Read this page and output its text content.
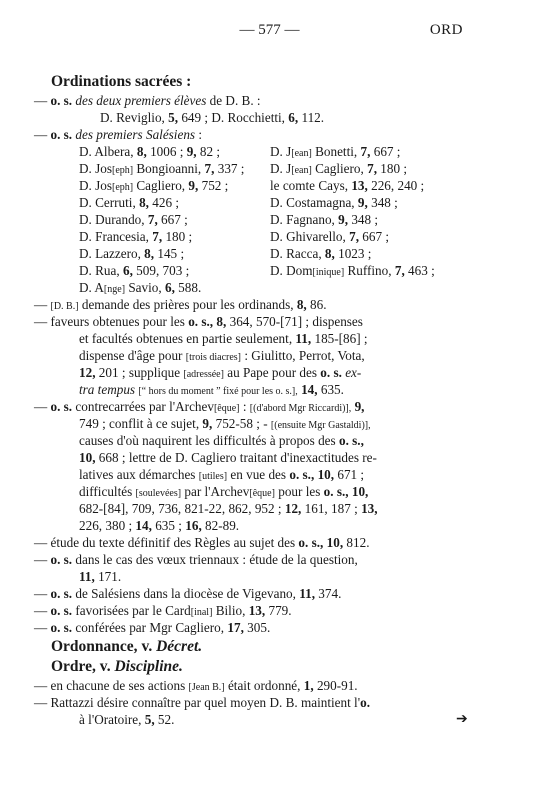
— 577 —	ORD
Ordinations sacrées :
— o. s. des deux premiers élèves de D. B. :
D. Reviglio, 5, 649 ; D. Rocchietti, 6, 112.
— o. s. des premiers Salésiens :
D. Albera, 8, 1006 ; 9, 82 ;	D. J[ean] Bonetti, 7, 667 ;
D. Jos[eph] Bongioanni, 7, 337 ; D. J[ean] Cagliero, 7, 180 ;
D. Jos[eph] Cagliero, 9, 752 ;	le comte Cays, 13, 226, 240 ;
D. Cerruti, 8, 426 ;	D. Costamagna, 9, 348 ;
D. Durando, 7, 667 ;	D. Fagnano, 9, 348 ;
D. Francesia, 7, 180 ;	D. Ghivarello, 7, 667 ;
D. Lazzero, 8, 145 ;	D. Racca, 8, 1023 ;
D. Rua, 6, 509, 703 ;	D. Dom[inique] Ruffino, 7, 463 ;
D. A[nge] Savio, 6, 588.
— [D. B.] demande des prières pour les ordinands, 8, 86.
— faveurs obtenues pour les o. s., 8, 364, 570-[71] ; dispenses
et facultés obtenues en partie seulement, 11, 185-[86] ;
dispense d'âge pour [trois diacres] : Giulitto, Perrot, Vota,
12, 201 ; supplique [adressée] au Pape pour des o. s. ex-
tra tempus [“ hors du moment ” fixé pour les o. s.], 14, 635.
— o. s. contrecarrées par l'Archev[êque] : [(d'abord Mgr Riccardi)], 9,
749 ; conflit à ce sujet, 9, 752-58 ; - [(ensuite Mgr Gastaldi)],
causes d'où naquirent les difficultés à propos des o. s.,
10, 668 ; lettre de D. Cagliero traitant d'inexactitudes re-
latives aux démarches [utiles] en vue des o. s., 10, 671 ;
difficultés [soulevées] par l'Archev[êque] pour les o. s., 10,
682-[84], 709, 736, 821-22, 862, 952 ; 12, 161, 187 ; 13,
226, 380 ; 14, 635 ; 16, 82-89.
— étude du texte définitif des Règles au sujet des o. s., 10, 812.
— o. s. dans le cas des vœux triennaux : étude de la question,
11, 171.
— o. s. de Salésiens dans la diocèse de Vigevano, 11, 374.
— o. s. favorisées par le Card[inal] Bilio, 13, 779.
— o. s. conférées par Mgr Cagliero, 17, 305.
Ordonnance, v. Décret.
Ordre, v. Discipline.
— en chacune de ses actions [Jean B.] était ordonné, 1, 290-91.
— Rattazzi désire connaître par quel moyen D. B. maintient l'o.
à l'Oratoire, 5, 52.	➔
